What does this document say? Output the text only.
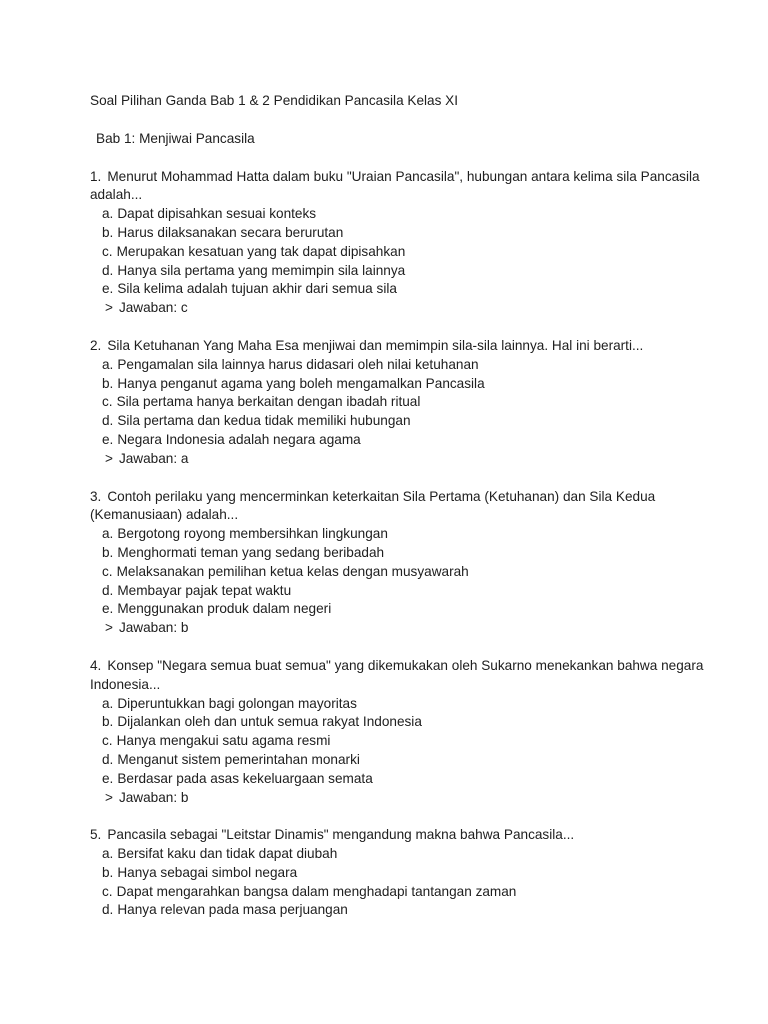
Soal Pilihan Ganda Bab 1 & 2 Pendidikan Pancasila Kelas XI

Bab 1: Menjiwai Pancasila

1. Menurut Mohammad Hatta dalam buku "Uraian Pancasila", hubungan antara kelima sila Pancasila adalah...

a. Dapat dipisahkan sesuai konteks

b. Harus dilaksanakan secara berurutan

c. Merupakan kesatuan yang tak dapat dipisahkan

d. Hanya sila pertama yang memimpin sila lainnya

e. Sila kelima adalah tujuan akhir dari semua sila

> Jawaban: c

2. Sila Ketuhanan Yang Maha Esa menjiwai dan memimpin sila-sila lainnya. Hal ini berarti...

a. Pengamalan sila lainnya harus didasari oleh nilai ketuhanan

b. Hanya penganut agama yang boleh mengamalkan Pancasila

c. Sila pertama hanya berkaitan dengan ibadah ritual

d. Sila pertama dan kedua tidak memiliki hubungan

e. Negara Indonesia adalah negara agama

> Jawaban: a

3. Contoh perilaku yang mencerminkan keterkaitan Sila Pertama (Ketuhanan) dan Sila Kedua (Kemanusiaan) adalah...

a. Bergotong royong membersihkan lingkungan

b. Menghormati teman yang sedang beribadah

c. Melaksanakan pemilihan ketua kelas dengan musyawarah

d. Membayar pajak tepat waktu

e. Menggunakan produk dalam negeri

> Jawaban: b

4. Konsep "Negara semua buat semua" yang dikemukakan oleh Sukarno menekankan bahwa negara Indonesia...

a. Diperuntukkan bagi golongan mayoritas

b. Dijalankan oleh dan untuk semua rakyat Indonesia

c. Hanya mengakui satu agama resmi

d. Menganut sistem pemerintahan monarki

e. Berdasar pada asas kekeluargaan semata

> Jawaban: b

5. Pancasila sebagai "Leitstar Dinamis" mengandung makna bahwa Pancasila...

a. Bersifat kaku dan tidak dapat diubah

b. Hanya sebagai simbol negara

c. Dapat mengarahkan bangsa dalam menghadapi tantangan zaman

d. Hanya relevan pada masa perjuangan
